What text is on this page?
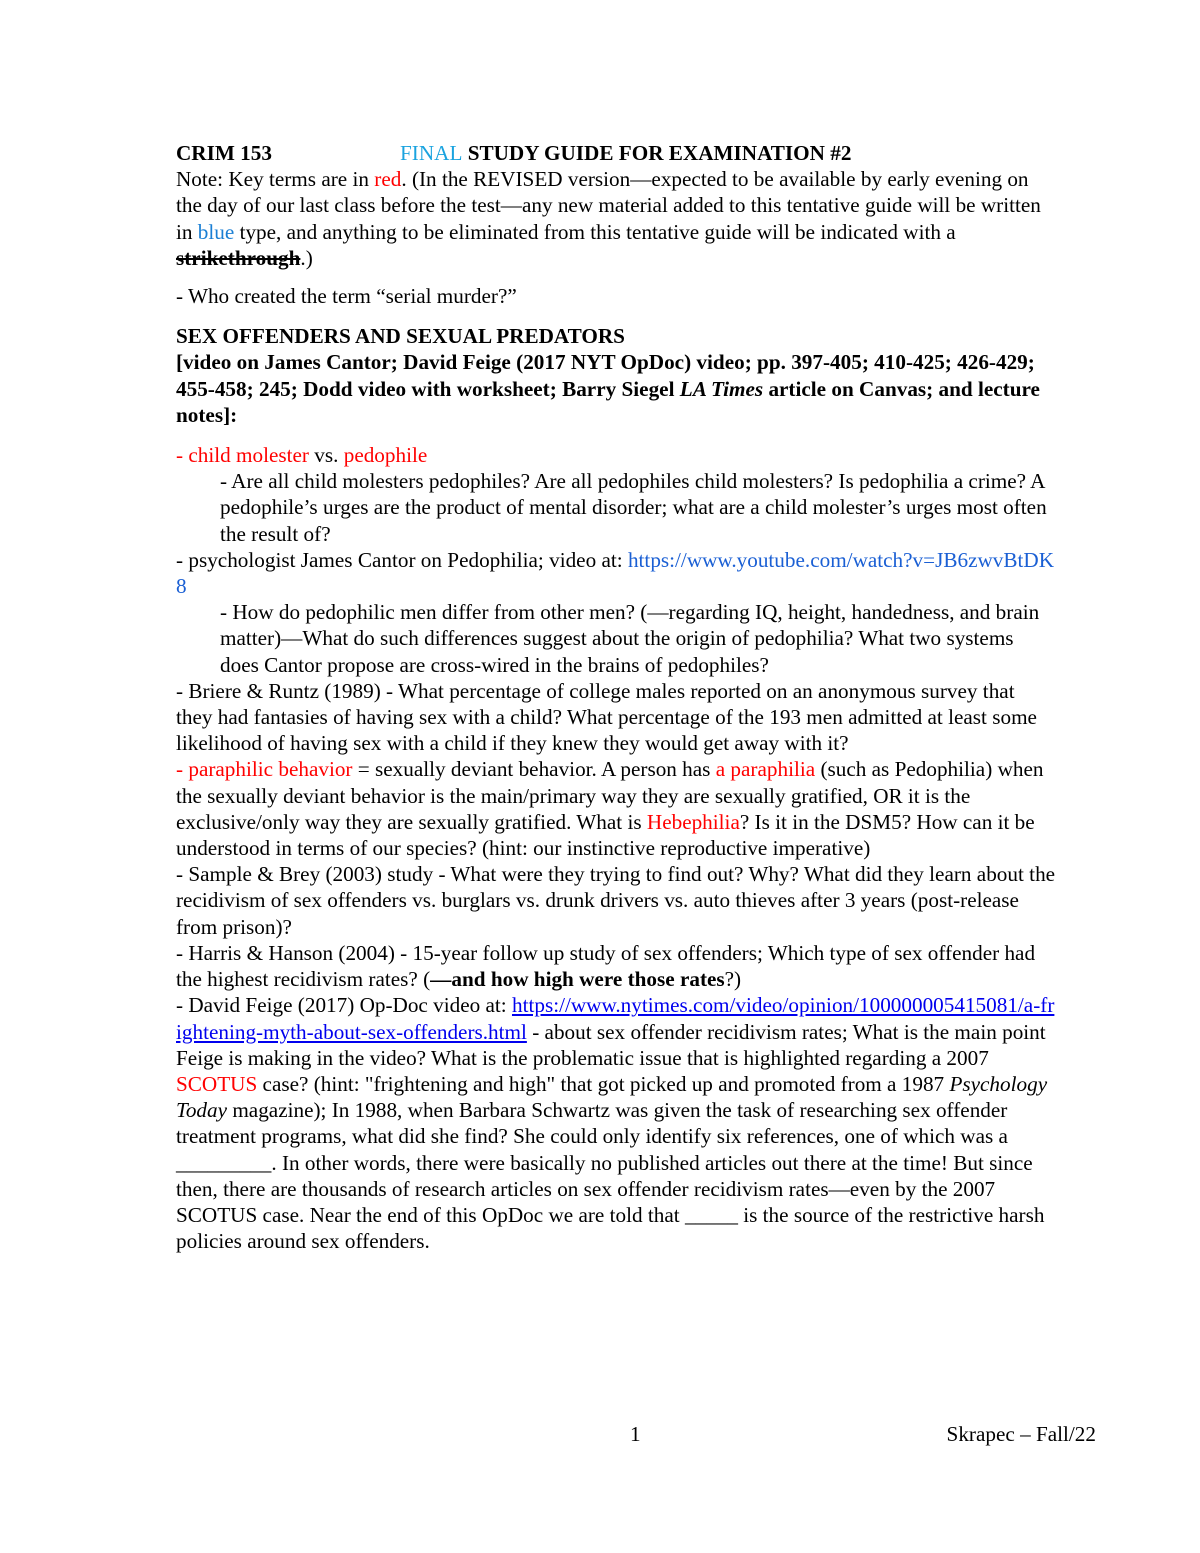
CRIM 153	FINAL STUDY GUIDE FOR EXAMINATION #2

Note: Key terms are in red. (In the REVISED version—expected to be available by early evening on the day of our last class before the test—any new material added to this tentative guide will be written in blue type, and anything to be eliminated from this tentative guide will be indicated with a strikethrough.)

- Who created the term “serial murder?”

SEX OFFENDERS AND SEXUAL PREDATORS

[video on James Cantor; David Feige (2017 NYT OpDoc) video; pp. 397-405; 410-425; 426-429; 455-458; 245; Dodd video with worksheet; Barry Siegel LA Times article on Canvas; and lecture notes]:

- child molester vs. pedophile

- Are all child molesters pedophiles? Are all pedophiles child molesters? Is pedophilia a crime? A pedophile’s urges are the product of mental disorder; what are a child molester’s urges most often the result of?

- psychologist James Cantor on Pedophilia; video at: https://www.youtube.com/watch?v=JB6zwvBtDK8

- How do pedophilic men differ from other men? (—regarding IQ, height, handedness, and brain matter)—What do such differences suggest about the origin of pedophilia? What two systems does Cantor propose are cross-wired in the brains of pedophiles?

- Briere & Runtz (1989) - What percentage of college males reported on an anonymous survey that they had fantasies of having sex with a child? What percentage of the 193 men admitted at least some likelihood of having sex with a child if they knew they would get away with it?

- paraphilic behavior = sexually deviant behavior. A person has a paraphilia (such as Pedophilia) when the sexually deviant behavior is the main/primary way they are sexually gratified, OR it is the exclusive/only way they are sexually gratified. What is Hebephilia? Is it in the DSM5? How can it be understood in terms of our species? (hint: our instinctive reproductive imperative)

- Sample & Brey (2003) study - What were they trying to find out? Why? What did they learn about the recidivism of sex offenders vs. burglars vs. drunk drivers vs. auto thieves after 3 years (post-release from prison)?

- Harris & Hanson (2004) - 15-year follow up study of sex offenders; Which type of sex offender had the highest recidivism rates? (—and how high were those rates?)

- David Feige (2017) Op-Doc video at: https://www.nytimes.com/video/opinion/100000005415081/a-frightening-myth-about-sex-offenders.html - about sex offender recidivism rates; What is the main point Feige is making in the video? What is the problematic issue that is highlighted regarding a 2007 SCOTUS case? (hint: "frightening and high" that got picked up and promoted from a 1987 Psychology Today magazine); In 1988, when Barbara Schwartz was given the task of researching sex offender treatment programs, what did she find? She could only identify six references, one of which was a _________. In other words, there were basically no published articles out there at the time! But since then, there are thousands of research articles on sex offender recidivism rates—even by the 2007 SCOTUS case. Near the end of this OpDoc we are told that _____ is the source of the restrictive harsh policies around sex offenders.

1	Skrapec – Fall/22
